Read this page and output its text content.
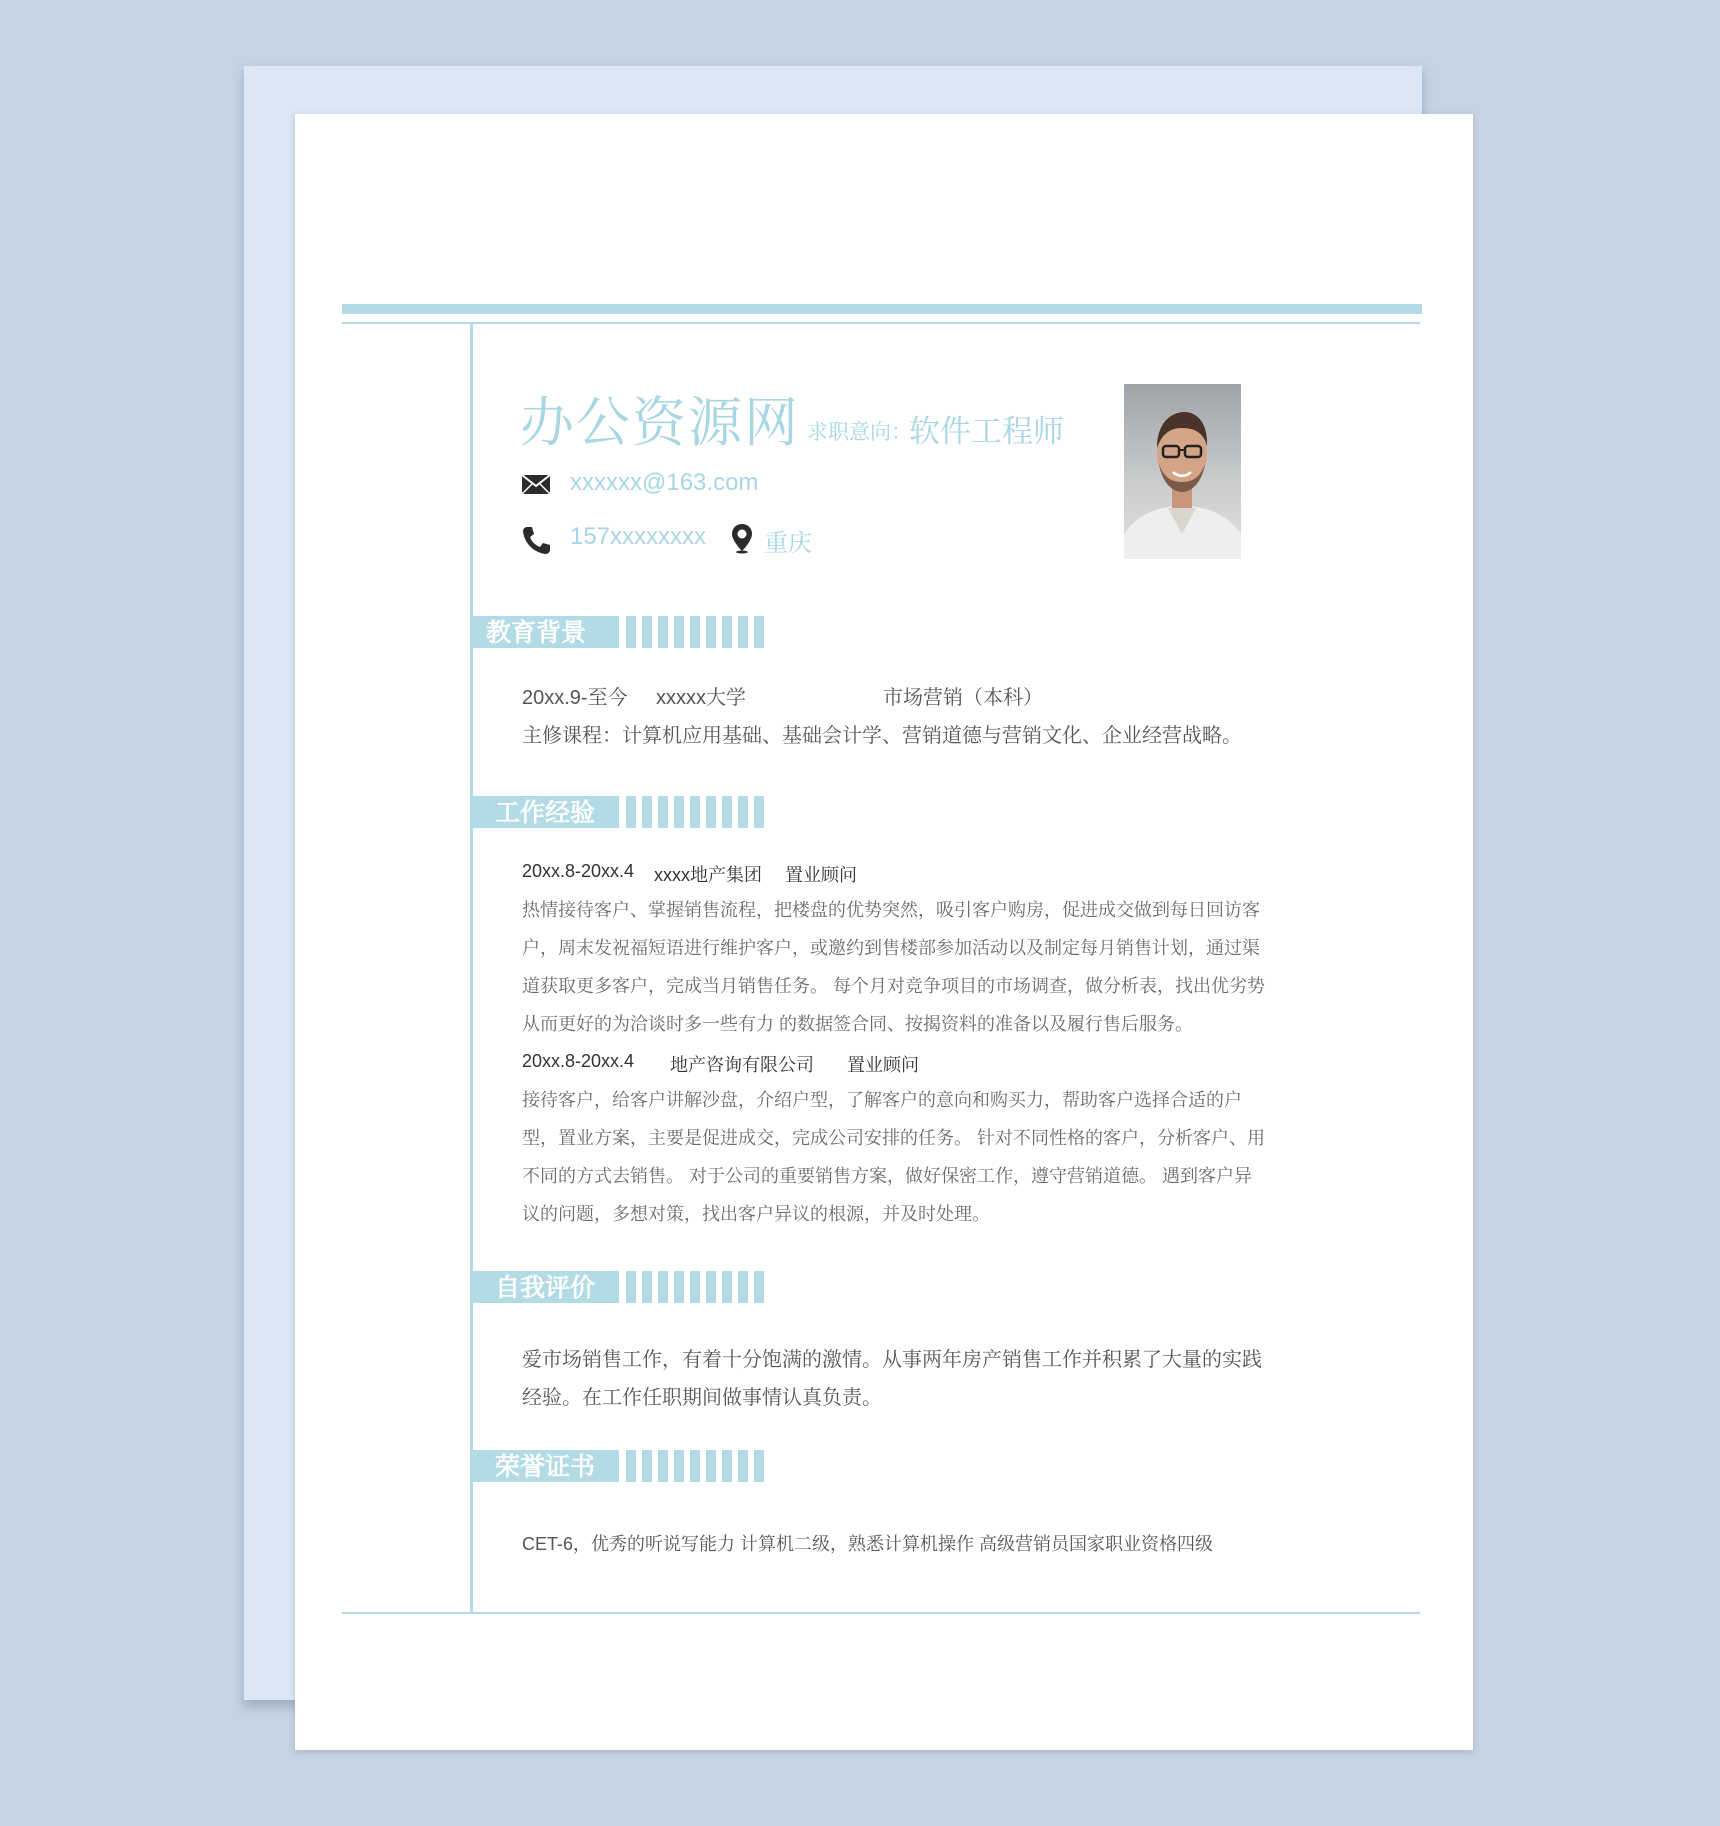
办公资源网 求职意向：
软件工程师
xxxxxx@163.com
157xxxxxxxx 重庆
教育背景
20xx.9-至今 xxxxx大学	市场营销（本科）
主修课程：计算机应用基础、基础会计学、营销道德与营销文化、企业经营战略。
工作经验
20xx.8-20xx.4 xxxx地产集团 置业顾问

热情接待客户、掌握销售流程，把楼盘的优势突然，吸引客户购房，促进成交做到每日回访客

户，周末发祝福短语进行维护客户，或邀约到售楼部参加活动以及制定每月销售计划，通过渠

道获取更多客户，完成当月销售任务。 每个月对竞争项目的市场调查，做分析表，找出优劣势

从而更好的为洽谈时多一些有力 的数据签合同、按揭资料的准备以及履行售后服务。

20xx.8-20xx.4 地产咨询有限公司 置业顾问

接待客户，给客户讲解沙盘，介绍户型，了解客户的意向和购买力，帮助客户选择合适的户

型，置业方案，主要是促进成交，完成公司安排的任务。 针对不同性格的客户，分析客户、用

不同的方式去销售。 对于公司的重要销售方案，做好保密工作，遵守营销道德。 遇到客户异

议的问题，多想对策，找出客户异议的根源，并及时处理。

自我评价

爱市场销售工作，有着十分饱满的激情。从事两年房产销售工作并积累了大量的实践

经验。在工作任职期间做事情认真负责。

荣誉证书
CET-6，优秀的听说写能力 计算机二级，熟悉计算机操作 高级营销员国家职业资格四级
